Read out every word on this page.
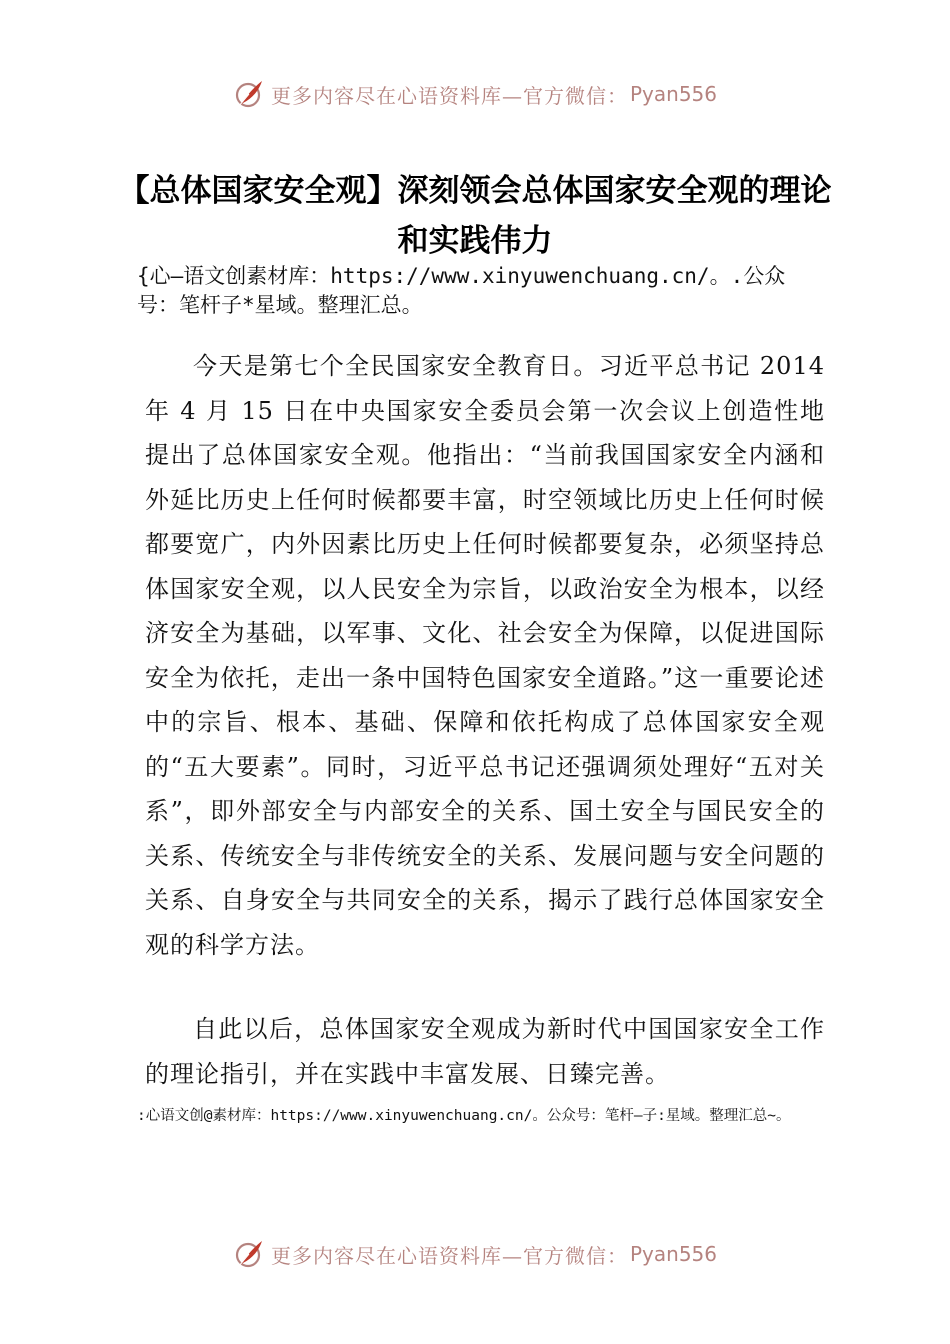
更多内容尽在心语资料库—官方微信： Pyan556
【总体国家安全观】深刻领会总体国家安全观的理论和实践伟力
{心—语文创素材库：https://www.xinyuwenchuang.cn/。.公众号：笔杆子*星域。整理汇总。

今天是第七个全民国家安全教育日。习近平总书记 2014 年 4 月 15 日在中央国家安全委员会第一次会议上创造性地提出了总体国家安全观。他指出：“当前我国国家安全内涵和外延比历史上任何时候都要丰富，时空领域比历史上任何时候都要宽广，内外因素比历史上任何时候都要复杂，必须坚持总体国家安全观，以人民安全为宗旨，以政治安全为根本，以经济安全为基础，以军事、文化、社会安全为保障，以促进国际安全为依托，走出一条中国特色国家安全道路。”这一重要论述中的宗旨、根本、基础、保障和依托构成了总体国家安全观的“五大要素”。同时，习近平总书记还强调须处理好“五对关系”，即外部安全与内部安全的关系、国土安全与国民安全的关系、传统安全与非传统安全的关系、发展问题与安全问题的关系、自身安全与共同安全的关系，揭示了践行总体国家安全观的科学方法。

自此以后，总体国家安全观成为新时代中国国家安全工作的理论指引，并在实践中丰富发展、日臻完善。

:心语文创@素材库：https://www.xinyuwenchuang.cn/。公众号：笔杆—子:星域。整理汇总~。
更多内容尽在心语资料库—官方微信： Pyan556
